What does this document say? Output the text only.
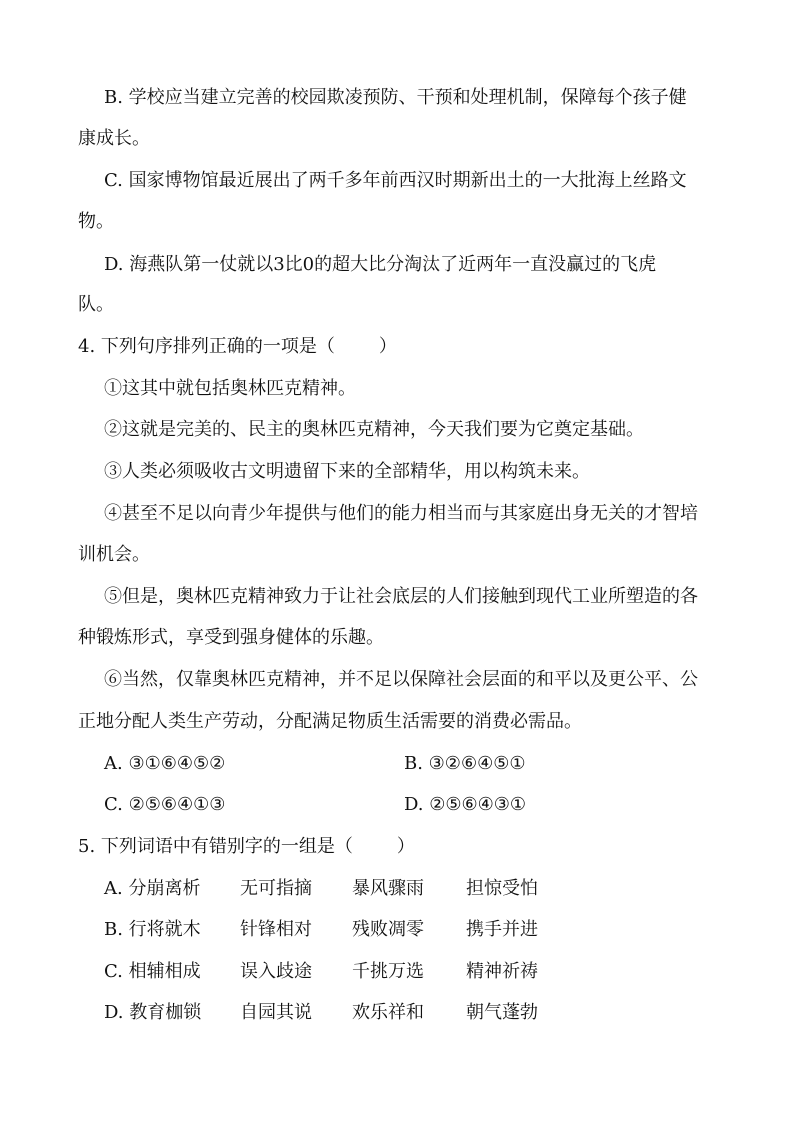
B. 学校应当建立完善的校园欺凌预防、干预和处理机制，保障每个孩子健
康成长。
C. 国家博物馆最近展出了两千多年前西汉时期新出土的一大批海上丝路文
物。
D. 海燕队第一仗就以3比0的超大比分淘汰了近两年一直没赢过的飞虎
队。
4. 下列句序排列正确的一项是（ ）
①这其中就包括奥林匹克精神。
②这就是完美的、民主的奥林匹克精神，今天我们要为它奠定基础。
③人类必须吸收古文明遗留下来的全部精华，用以构筑未来。
④甚至不足以向青少年提供与他们的能力相当而与其家庭出身无关的才智培
训机会。
⑤但是，奥林匹克精神致力于让社会底层的人们接触到现代工业所塑造的各
种锻炼形式，享受到强身健体的乐趣。
⑥当然，仅靠奥林匹克精神，并不足以保障社会层面的和平以及更公平、公
正地分配人类生产劳动，分配满足物质生活需要的消费必需品。
A. ③①⑥④⑤②	B. ③②⑥④⑤①
C. ②⑤⑥④①③	D. ②⑤⑥④③①
5. 下列词语中有错别字的一组是（ ）
A. 分崩离析 无可指摘 暴风骤雨 担惊受怕
B. 行将就木 针锋相对 残败凋零 携手并进
C. 相辅相成 误入歧途 千挑万选 精神祈祷
D. 教育枷锁 自园其说 欢乐祥和 朝气蓬勃
